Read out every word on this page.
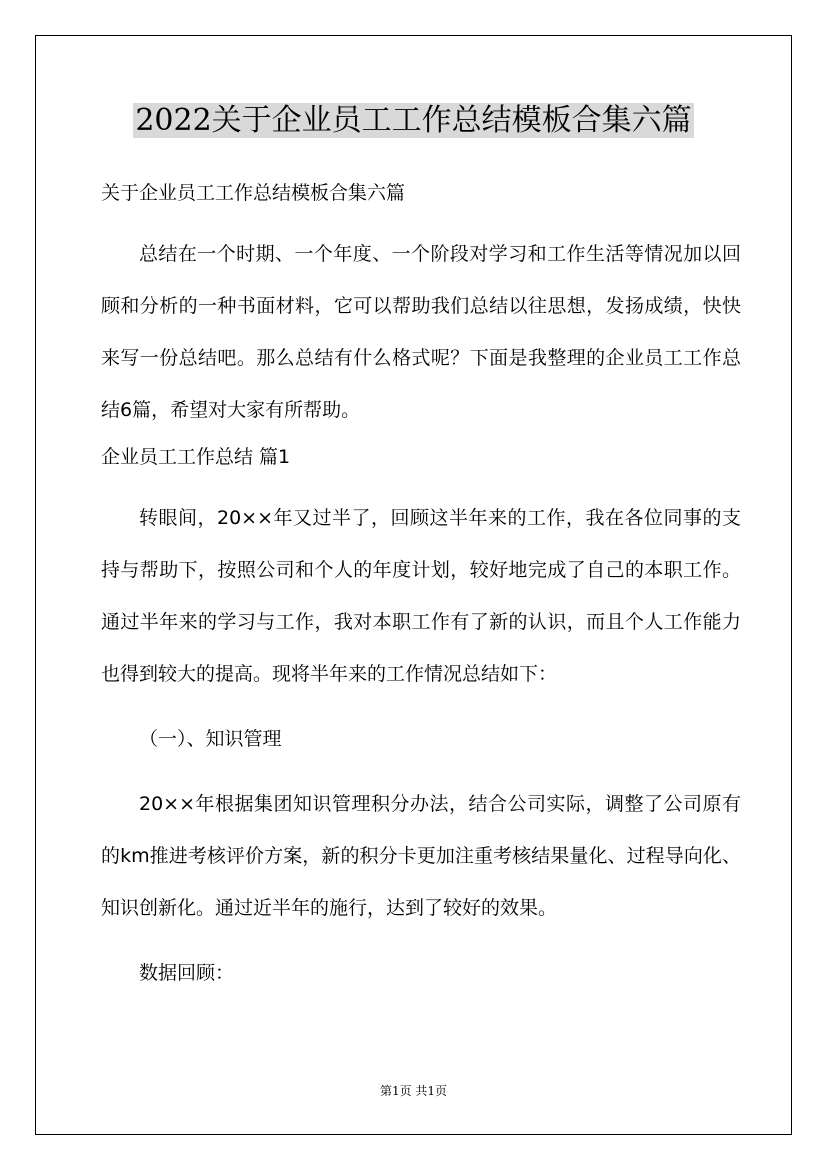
2022关于企业员工工作总结模板合集六篇

关于企业员工工作总结模板合集六篇

总结在一个时期、一个年度、一个阶段对学习和工作生活等情况加以回顾和分析的一种书面材料，它可以帮助我们总结以往思想，发扬成绩，快快来写一份总结吧。那么总结有什么格式呢？下面是我整理的企业员工工作总结6篇，希望对大家有所帮助。

企业员工工作总结 篇1

转眼间，20××年又过半了，回顾这半年来的工作，我在各位同事的支持与帮助下，按照公司和个人的年度计划，较好地完成了自己的本职工作。通过半年来的学习与工作，我对本职工作有了新的认识，而且个人工作能力也得到较大的提高。现将半年来的工作情况总结如下：

（一）、知识管理

20××年根据集团知识管理积分办法，结合公司实际，调整了公司原有的km推进考核评价方案，新的积分卡更加注重考核结果量化、过程导向化、知识创新化。通过近半年的施行，达到了较好的效果。

数据回顾：

第1页 共1页
